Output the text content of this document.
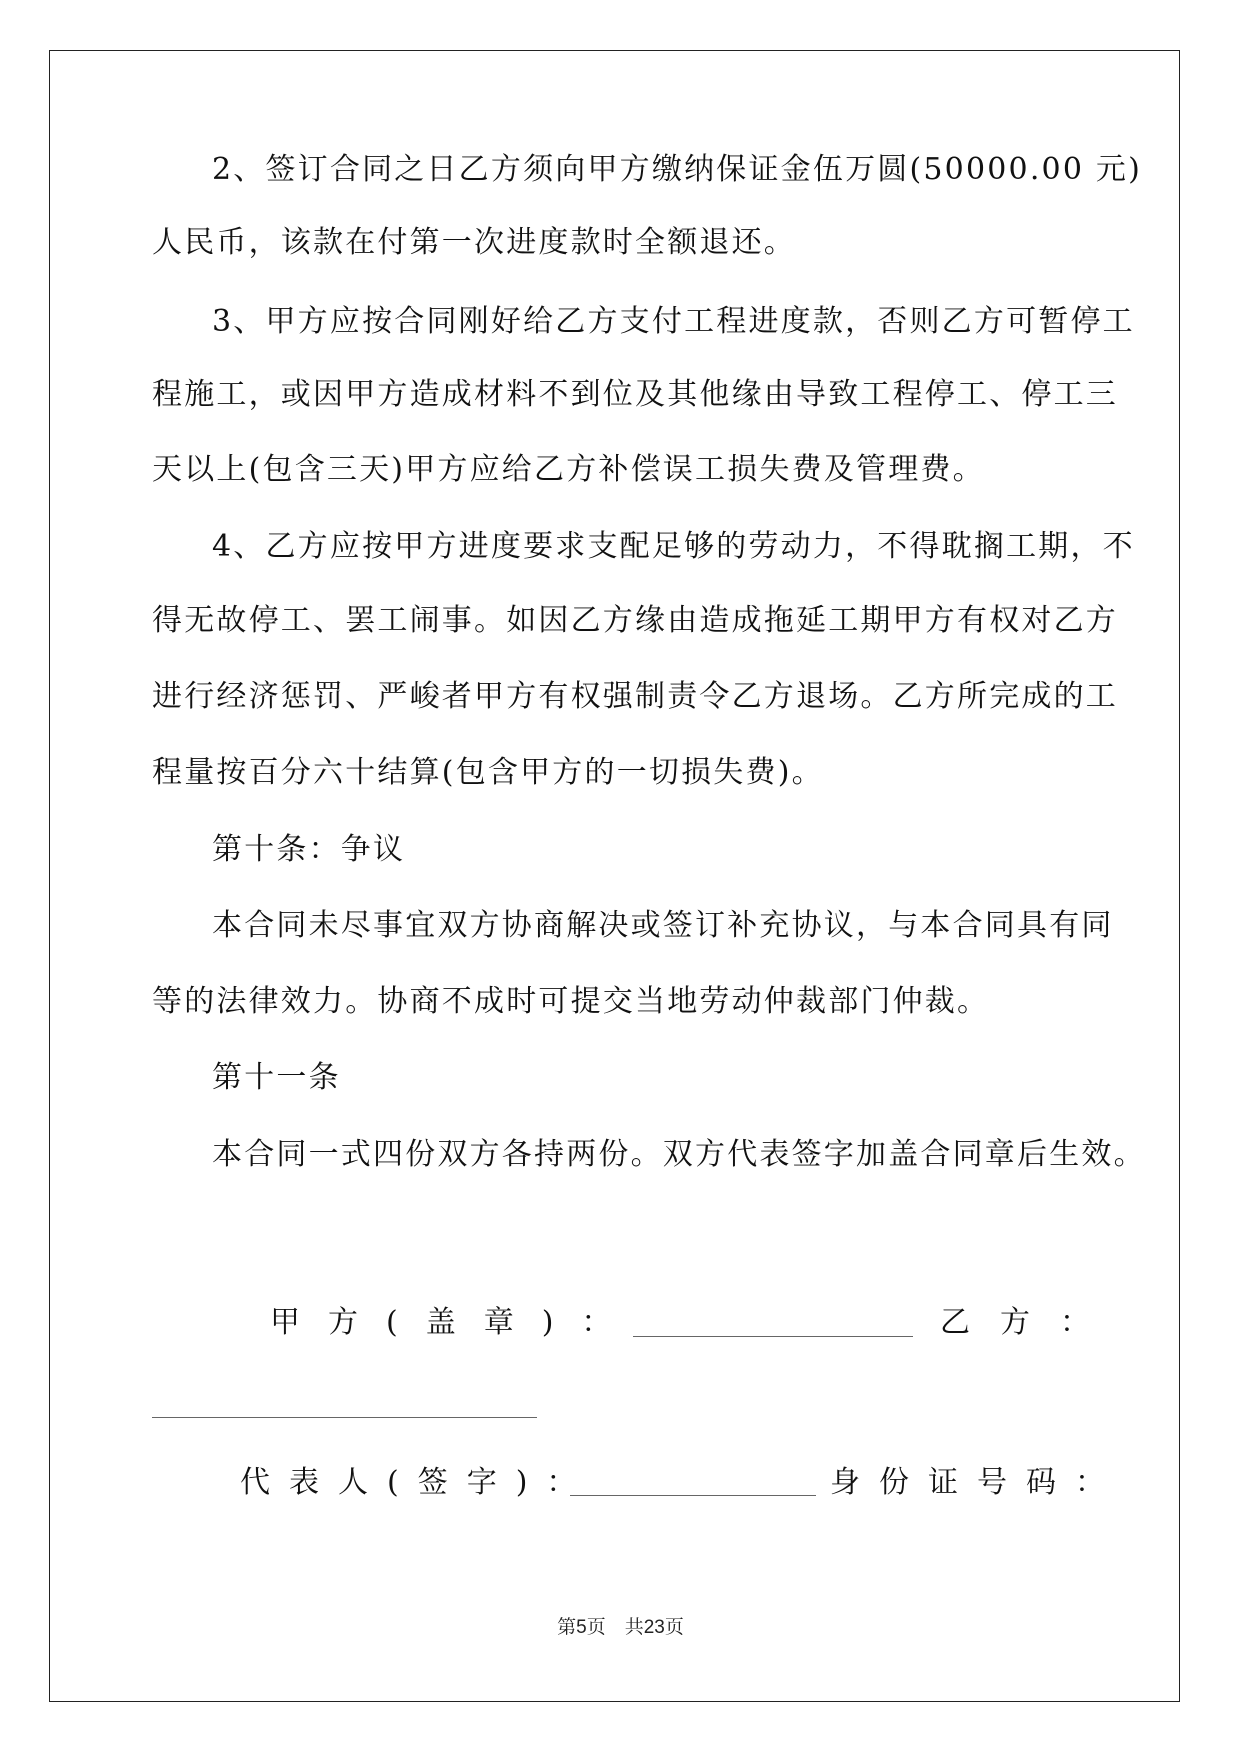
2、签订合同之日乙方须向甲方缴纳保证金伍万圆(50000.00 元)
人民币，该款在付第一次进度款时全额退还。
3、甲方应按合同刚好给乙方支付工程进度款，否则乙方可暂停工
程施工，或因甲方造成材料不到位及其他缘由导致工程停工、停工三
天以上(包含三天)甲方应给乙方补偿误工损失费及管理费。
4、乙方应按甲方进度要求支配足够的劳动力，不得耽搁工期，不
得无故停工、罢工闹事。如因乙方缘由造成拖延工期甲方有权对乙方
进行经济惩罚、严峻者甲方有权强制责令乙方退场。乙方所完成的工
程量按百分六十结算(包含甲方的一切损失费)。
第十条：争议
本合同未尽事宜双方协商解决或签订补充协议，与本合同具有同
等的法律效力。协商不成时可提交当地劳动仲裁部门仲裁。
第十一条
本合同一式四份双方各持两份。双方代表签字加盖合同章后生效。
甲方(盖章)：	乙方：
代表人(签字)：	身份证号码：
第5页　共23页
